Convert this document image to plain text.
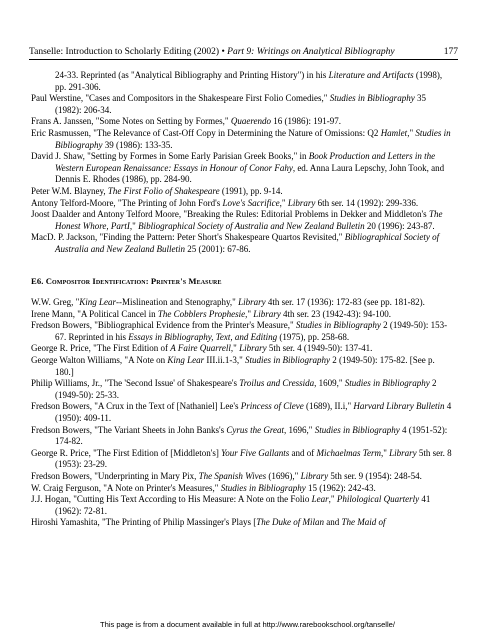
Tanselle: Introduction to Scholarly Editing (2002) • Part 9: Writings on Analytical Bibliography	177

24-33. Reprinted (as "Analytical Bibliography and Printing History") in his Literature and Artifacts (1998), pp. 291-306.

Paul Werstine, "Cases and Compositors in the Shakespeare First Folio Comedies," Studies in Bibliography 35 (1982): 206-34.

Frans A. Janssen, "Some Notes on Setting by Formes," Quaerendo 16 (1986): 191-97.

Eric Rasmussen, "The Relevance of Cast-Off Copy in Determining the Nature of Omissions: Q2 Hamlet," Studies in Bibliography 39 (1986): 133-35.

David J. Shaw, "Setting by Formes in Some Early Parisian Greek Books," in Book Production and Letters in the Western European Renaissance: Essays in Honour of Conor Fahy, ed. Anna Laura Lepschy, John Took, and Dennis E. Rhodes (1986), pp. 284-90.

Peter W.M. Blayney, The First Folio of Shakespeare (1991), pp. 9-14.

Antony Telford-Moore, "The Printing of John Ford's Love's Sacrifice," Library 6th ser. 14 (1992): 299-336.

Joost Daalder and Antony Telford Moore, "Breaking the Rules: Editorial Problems in Dekker and Middleton's The Honest Whore, PartI," Bibliographical Society of Australia and New Zealand Bulletin 20 (1996): 243-87.

MacD. P. Jackson, "Finding the Pattern: Peter Short's Shakespeare Quartos Revisited," Bibliographical Society of Australia and New Zealand Bulletin 25 (2001): 67-86.

E6. Compositor Identification: Printer's Measure

W.W. Greg, "King Lear--Mislineation and Stenography," Library 4th ser. 17 (1936): 172-83 (see pp. 181-82).

Irene Mann, "A Political Cancel in The Cobblers Prophesie," Library 4th ser. 23 (1942-43): 94-100.

Fredson Bowers, "Bibliographical Evidence from the Printer's Measure," Studies in Bibliography 2 (1949-50): 153-67. Reprinted in his Essays in Bibliography, Text, and Editing (1975), pp. 258-68.

George R. Price, "The First Edition of A Faire Quarrell," Library 5th ser. 4 (1949-50): 137-41.

George Walton Williams, "A Note on King Lear III.ii.1-3," Studies in Bibliography 2 (1949-50): 175-82. [See p. 180.]

Philip Williams, Jr., "The 'Second Issue' of Shakespeare's Troilus and Cressida, 1609," Studies in Bibliography 2 (1949-50): 25-33.

Fredson Bowers, "A Crux in the Text of [Nathaniel] Lee's Princess of Cleve (1689), II.i," Harvard Library Bulletin 4 (1950): 409-11.

Fredson Bowers, "The Variant Sheets in John Banks's Cyrus the Great, 1696," Studies in Bibliography 4 (1951-52): 174-82.

George R. Price, "The First Edition of [Middleton's] Your Five Gallants and of Michaelmas Term," Library 5th ser. 8 (1953): 23-29.

Fredson Bowers, "Underprinting in Mary Pix, The Spanish Wives (1696)," Library 5th ser. 9 (1954): 248-54.

W. Craig Ferguson, "A Note on Printer's Measures," Studies in Bibliography 15 (1962): 242-43.

J.J. Hogan, "Cutting His Text According to His Measure: A Note on the Folio Lear," Philological Quarterly 41 (1962): 72-81.

Hiroshi Yamashita, "The Printing of Philip Massinger's Plays [The Duke of Milan and The Maid of

This page is from a document available in full at http://www.rarebookschool.org/tanselle/
